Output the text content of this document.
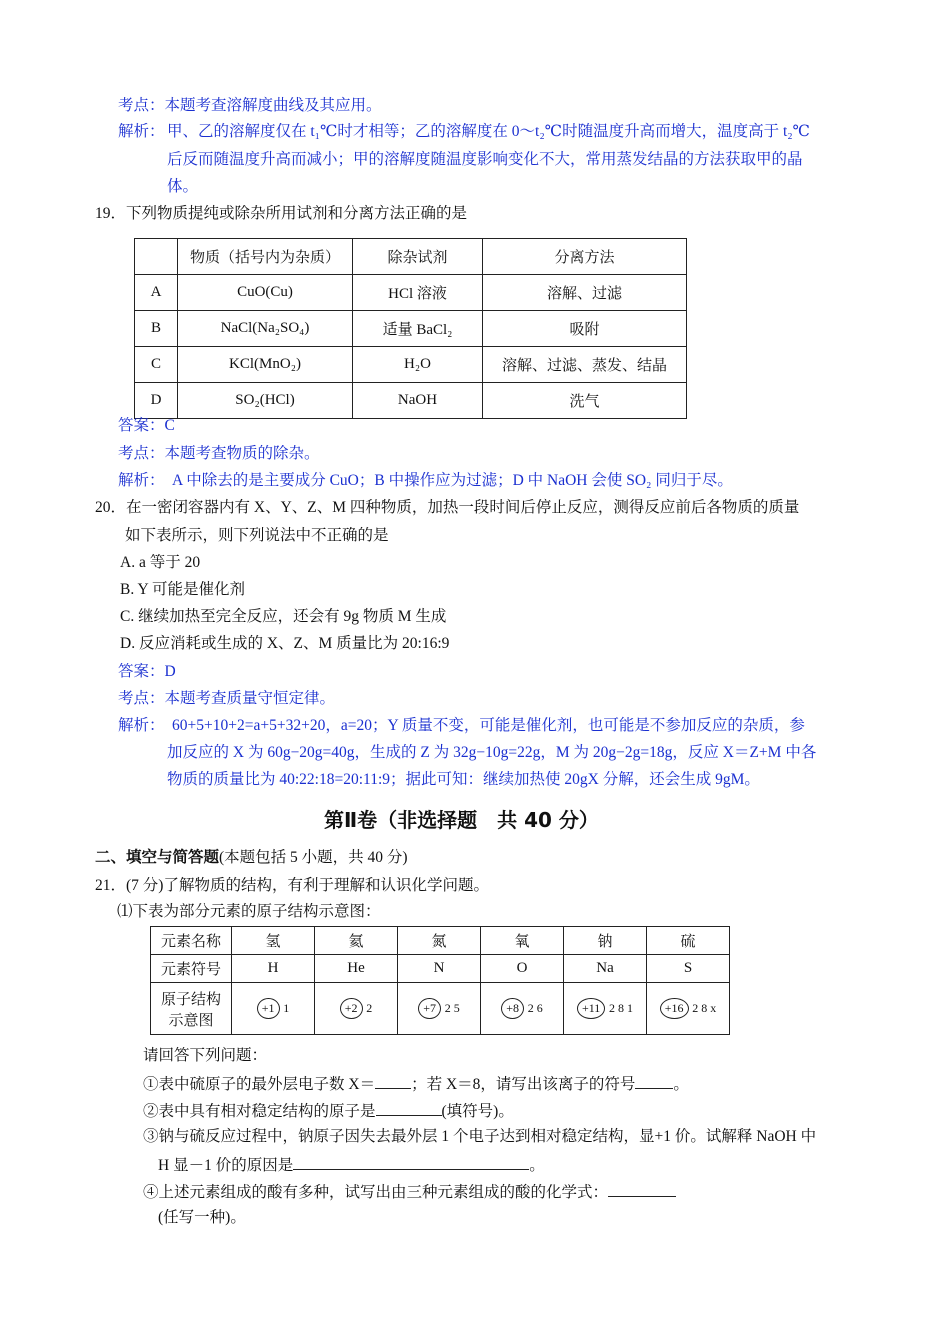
考点：本题考查溶解度曲线及其应用。
解析： 甲、乙的溶解度仅在 t₁℃时才相等；乙的溶解度在 0～t₂℃时随温度升高而增大，温度高于 t₂℃
后反而随温度升高而减小；甲的溶解度随温度影响变化不大，常用蒸发结晶的方法获取甲的晶
体。
19．下列物质提纯或除杂所用试剂和分离方法正确的是
	物质（括号内为杂质）	除杂试剂	分离方法
A	CuO(Cu)	HCl 溶液	溶解、过滤
B	NaCl(Na₂SO₄)	适量 BaCl₂	吸附
C	KCl(MnO₂)	H₂O	溶解、过滤、蒸发、结晶
D	SO₂(HCl)	NaOH	洗气
答案：C
考点：本题考查物质的除杂。
解析： A 中除去的是主要成分 CuO；B 中操作应为过滤；D 中 NaOH 会使 SO₂ 同归于尽。
20．在一密闭容器内有 X、Y、Z、M 四种物质，加热一段时间后停止反应，测得反应前后各物质的质量
如下表所示，则下列说法中不正确的是
A. a 等于 20
B. Y 可能是催化剂
C. 继续加热至完全反应，还会有 9g 物质 M 生成
D. 反应消耗或生成的 X、Z、M 质量比为 20:16:9
答案：D
考点：本题考查质量守恒定律。
解析： 60+5+10+2=a+5+32+20，a=20；Y 质量不变，可能是催化剂，也可能是不参加反应的杂质，参
加反应的 X 为 60g−20g=40g，生成的 Z 为 32g−10g=22g，M 为 20g−2g=18g，反应 X＝Z+M 中各
物质的质量比为 40:22:18=20:11:9；据此可知：继续加热使 20gX 分解，还会生成 9gM。
第Ⅱ卷（非选择题　共 40 分）
二、填空与简答题(本题包括 5 小题，共 40 分)
21．(7 分)了解物质的结构，有利于理解和认识化学问题。
⑴下表为部分元素的原子结构示意图：
元素名称	氢	氦	氮	氧	钠	硫
元素符号	H	He	N	O	Na	S

原子结构
示意图	+1 1	+2 2	+7 2 5	+8 2 6	+11 2 8 1	+16 2 8 x
请回答下列问题：
①表中硫原子的最外层电子数 X＝ ；若 X＝8，请写出该离子的符号 。
②表中具有相对稳定结构的原子是	(填符号)。
③钠与硫反应过程中，钠原子因失去最外层 1 个电子达到相对稳定结构，显+1 价。试解释 NaOH 中
H 显－1 价的原因是	。
④上述元素组成的酸有多种，试写出由三种元素组成的酸的化学式：
(任写一种)。
